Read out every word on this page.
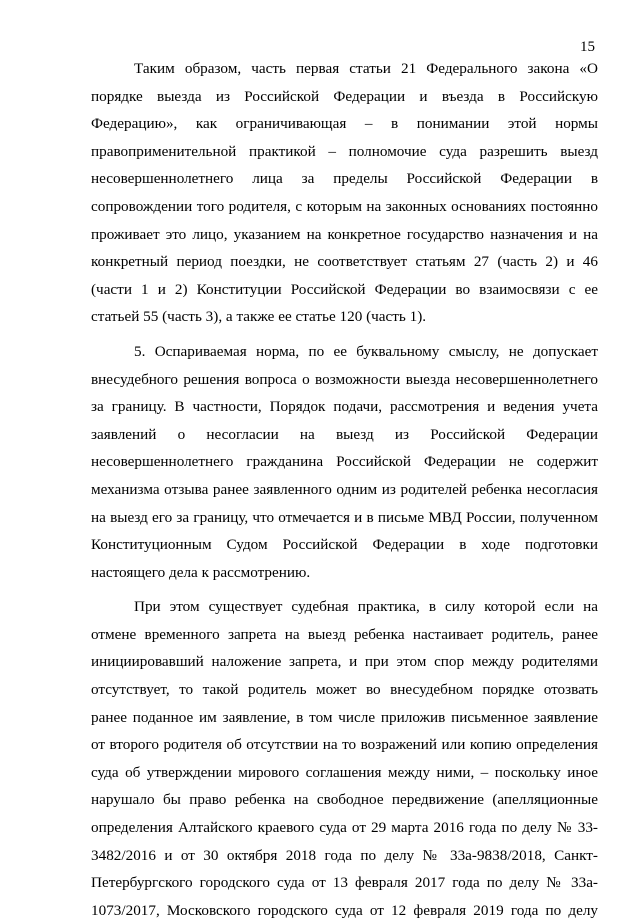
15
Таким образом, часть первая статьи 21 Федерального закона «О
порядке выезда из Российской Федерации и въезда в Российскую
Федерацию», как ограничивающая – в понимании этой нормы
правоприменительной практикой – полномочие суда разрешить выезд
несовершеннолетнего лица за пределы Российской Федерации в
сопровождении того родителя, с которым на законных основаниях постоянно
проживает это лицо, указанием на конкретное государство назначения и на
конкретный период поездки, не соответствует статьям 27 (часть 2) и 46
(части 1 и 2) Конституции Российской Федерации во взаимосвязи с ее
статьей 55 (часть 3), а также ее статье 120 (часть 1).
5. Оспариваемая норма, по ее буквальному смыслу, не допускает
внесудебного решения вопроса о возможности выезда несовершеннолетнего
за границу. В частности, Порядок подачи, рассмотрения и ведения учета
заявлений о несогласии на выезд из Российской Федерации
несовершеннолетнего гражданина Российской Федерации не содержит
механизма отзыва ранее заявленного одним из родителей ребенка несогласия
на выезд его за границу, что отмечается и в письме МВД России, полученном
Конституционным Судом Российской Федерации в ходе подготовки
настоящего дела к рассмотрению.
При этом существует судебная практика, в силу которой если на
отмене временного запрета на выезд ребенка настаивает родитель, ранее
инициировавший наложение запрета, и при этом спор между родителями
отсутствует, то такой родитель может во внесудебном порядке отозвать
ранее поданное им заявление, в том числе приложив письменное заявление
от второго родителя об отсутствии на то возражений или копию определения
суда об утверждении мирового соглашения между ними, – поскольку иное
нарушало бы право ребенка на свободное передвижение (апелляционные
определения Алтайского краевого суда от 29 марта 2016 года по делу № 33-
3482/2016 и от 30 октября 2018 года по делу № 33а-9838/2018, Санкт-
Петербургского городского суда от 13 февраля 2017 года по делу № 33а-
1073/2017, Московского городского суда от 12 февраля 2019 года по делу
